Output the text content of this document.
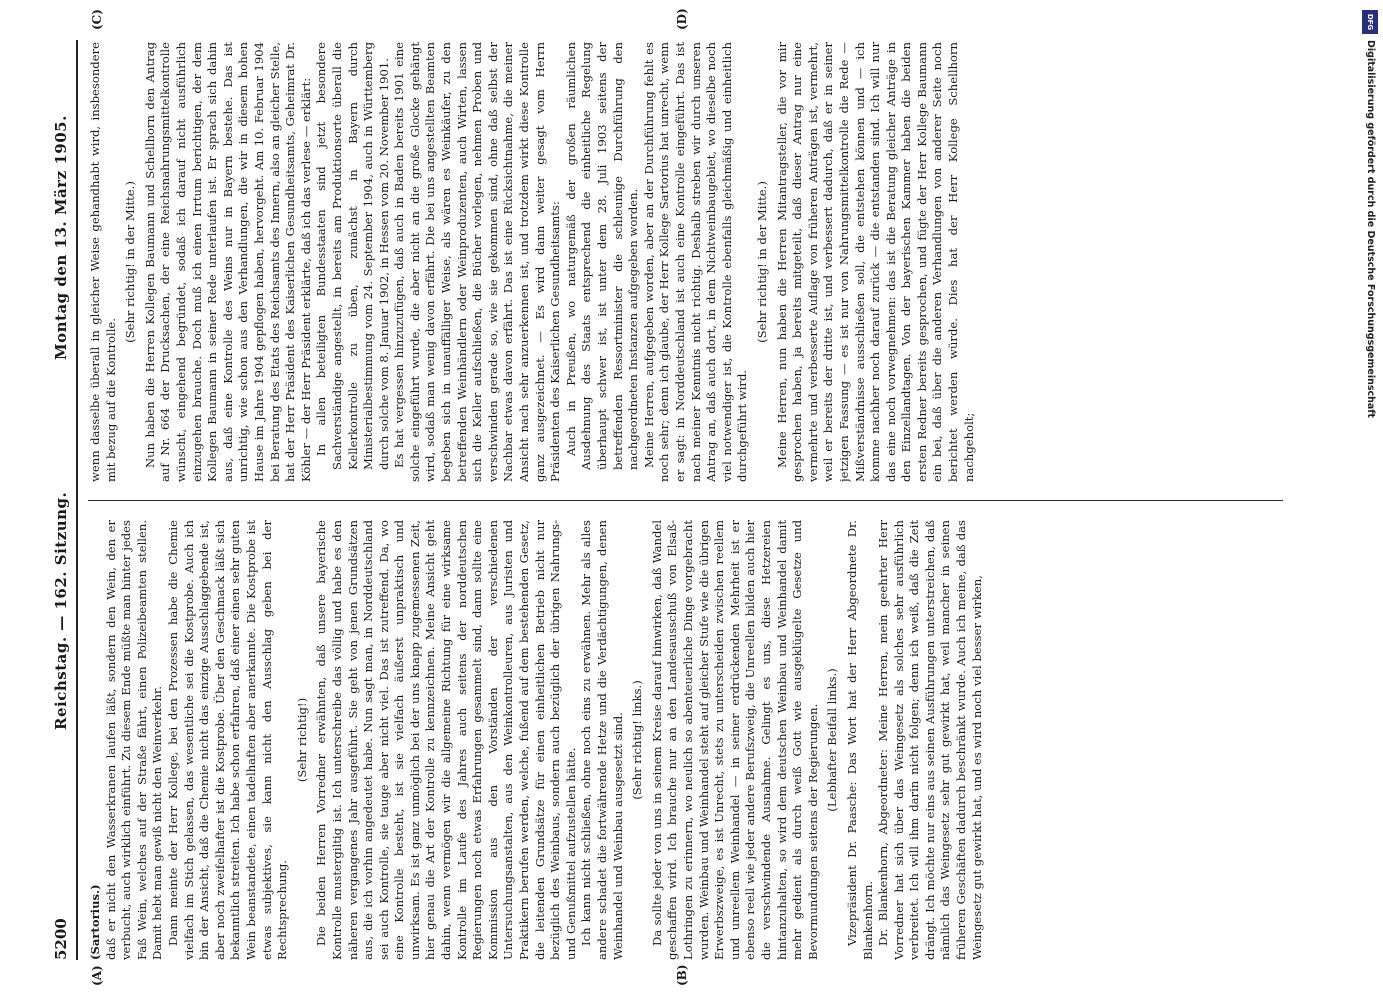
5200
Reichstag. — 162. Sitzung.
Montag den 13. März 1905.
(A)	(B)
(C)	(D)

(Sartorius.) daß er nicht den Wasserkranen laufen läßt, sondern den Wein, den er verbucht, auch wirklich einführt. Zu diesem Ende müßte man hinter jedes Faß Wein, welches auf der Straße fährt, einen Polizeibeamten stellen. Damit hebt man gewiß nicht den Weinverkehr. Dann meinte der Herr Kollege, bei den Prozessen habe die Chemie vielfach im Stich gelassen, das wesentliche sei die Kostprobe. Auch ich bin der Ansicht, daß die Chemie nicht das einzige Ausschlaggebende ist, aber noch zweifelhafter ist die Kostprobe. Über den Geschmack läßt sich bekanntlich streiten. Ich habe schon erfahren, daß einer einen sehr guten Wein beanstandete, einen tadelhaften aber anerkannte. Die Kostprobe ist etwas subjektives, sie kann nicht den Ausschlag geben bei der Rechtsprechung.

(Sehr richtig!) Die beiden Herren Vorredner erwähnten, daß unsere bayerische Kontrolle mustergiltig ist. Ich unterschreibe das völlig und habe es den näheren vergangenes Jahr ausgeführt. Sie geht von jenen Grundsätzen aus, die ich vorhin angedeutet habe. Nun sagt man, in Norddeutschland sei auch Kontrolle, sie tauge aber nicht viel. Das ist zutreffend. Da, wo eine Kontrolle besteht, ist sie vielfach äußerst unpraktisch und unwirksam. Es ist ganz unmöglich bei der uns knapp zugemessenen Zeit, hier genau die Art der Kontrolle zu kennzeichnen. Meine Ansicht geht dahin, wenn vermögen wir die allgemeine Richtung für eine wirksame Kontrolle im Laufe des Jahres auch seitens der norddeutschen Regierungen noch etwas Erfahrungen gesammelt sind, dann sollte eine Kommission aus den Vorständen der verschiedenen Untersuchungsanstalten, aus den Weinkontrolleuren, aus Juristen und Praktikern berufen werden, welche, fußend auf dem bestehenden Gesetz, die leitenden Grundsätze für einen einheitlichen Betrieb nicht nur bezüglich des Weinbaus, sondern auch bezüglich der übrigen Nahrungs- und Genußmittel aufzustellen hätte. Ich kann nicht schließen, ohne noch eins zu erwähnen. Mehr als alles andere schadet die fortwährende Hetze und die Verdächtigungen, denen Weinhandel und Weinbau ausgesetzt sind. (Sehr richtig! links.) Da sollte jeder von uns in seinem Kreise darauf hinwirken, daß Wandel geschaffen wird. Ich brauche nur an den Landesausschuß von Elsaß-Lothringen zu erinnern, wo neulich so abenteuerliche Dinge vorgebracht wurden. Weinbau und Weinhandel steht auf gleicher Stufe wie die übrigen Erwerbszweige, es ist Unrecht, stets zu unterscheiden zwischen reellem und unreellem Weinhandel — in seiner erdrückenden Mehrheit ist er ebenso reell wie jeder andere Berufszweig, die Unreellen bilden auch hier die verschwindende Ausnahme. Gelingt es uns, diese Hetzereien hintanzuhalten, so wird dem deutschen Weinbau und Weinhandel damit mehr gedient als durch weiß Gott wie ausgeklügelte Gesetze und Bevormundungen seitens der Regierungen. (Lebhafter Beifall links.) Vizepräsident Dr. Paasche: Das Wort hat der Herr Abgeordnete Dr. Blankenhorn. Dr. Blankenhorn, Abgeordneter: Meine Herren, mein geehrter Herr Vorredner hat sich über das Weingesetz als solches sehr ausführlich verbreitet. Ich will ihm darin nicht folgen; denn ich weiß, daß die Zeit drängt. Ich möchte nur eins aus seinen Ausführungen unterstreichen, daß nämlich das Weingesetz sehr gut gewirkt hat, weil mancher in seinen früheren Geschäften dadurch beschränkt wurde. Auch ich meine, daß das Weingesetz gut gewirkt hat, und es wird noch viel besser wirken,

wenn dasselbe überall in gleicher Weise gehandhabt wird, insbesondere mit bezug auf die Kontrolle.

(Sehr richtig! in der Mitte.) Nun haben die Herren Kollegen Baumann und Schellhorn den Antrag auf Nr. 664 der Drucksachen, der eine Reichsnahrungsmittelkontrolle wünscht, eingehend begründet, sodaß ich darauf nicht ausführlich einzugehen brauche. Doch muß ich einen Irrtum berichtigen, der dem Kollegen Baumann in seiner Rede unterlaufen ist. Er sprach sich dahin aus, daß eine Kontrolle des Weins nur in Bayern bestehe. Das ist unrichtig, wie schon aus den Verhandlungen, die wir in diesem hohen Hause im Jahre 1904 gepflogen haben, hervorgeht. Am 10. Februar 1904 bei Beratung des Etats des Reichsamts des Innern, also an gleicher Stelle, hat der Herr Präsident des Kaiserlichen Gesundheitsamts, Geheimrat Dr. Köhler — der Herr Präsident erklärte, daß ich das verlese — erklärt: In allen beteiligten Bundesstaaten sind jetzt besondere Sachverständige angestellt, in bereits am Produktionsorte überall die Kellerkontrolle zu üben, zunächst in Bayern durch Ministerialbestimmung vom 24. September 1904, auch in Württemberg durch solche vom 8. Januar 1902, in Hessen vom 20. November 1901. Es hat vergessen hinzuzufügen, daß auch in Baden bereits 1901 eine solche eingeführt wurde, die aber nicht an die große Glocke gehängt wird, sodaß man wenig davon erfährt. Die bei uns angestellten Beamten begeben sich in unauffälliger Weise, als wären es Weinkäufer, zu den betreffenden Weinhändlern oder Weinproduzenten, auch Wirten, lassen sich die Keller aufschließen, die Bücher vorlegen, nehmen Proben und verschwinden gerade so, wie sie gekommen sind, ohne daß selbst der Nachbar etwas davon erfährt. Das ist eine Rücksichtnahme, die meiner Ansicht nach sehr anzuerkennen ist, und trotzdem wirkt diese Kontrolle ganz ausgezeichnet. — Es wird dann weiter gesagt vom Herrn Präsidenten des Kaiserlichen Gesundheitsamts: Auch in Preußen, wo naturgemäß der großen räumlichen Ausdehnung des Staats entsprechend die einheitliche Regelung überhaupt schwer ist, ist unter dem 28. Juli 1903 seitens der betreffenden Ressortminister die schleunige Durchführung den nachgeordneten Instanzen aufgegeben worden. Meine Herren, aufgegeben worden, aber an der Durchführung fehlt es noch sehr; denn ich glaube, der Herr Kollege Sartorius hat unrecht, wenn er sagt: in Norddeutschland ist auch eine Kontrolle eingeführt. Das ist nach meiner Kenntnis nicht richtig. Deshalb streben wir durch unseren Antrag an, daß auch dort, in dem Nichtweinbaugebiet, wo dieselbe noch viel notwendiger ist, die Kontrolle ebenfalls gleichmäßig und einheitlich durchgeführt wird.

(Sehr richtig! in der Mitte.) Meine Herren, nun haben die Herren Mitantragsteller, die vor mir gesprochen haben, ja bereits mitgeteilt, daß dieser Antrag nur eine vermehrte und verbesserte Auflage von früheren Anträgen ist, vermehrt, weil er bereits der dritte ist, und verbessert dadurch, daß er in seiner jetzigen Fassung — es ist nur von Nahrungsmittelkontrolle die Rede — Mißverständnisse ausschließen soll, die entstehen können und — ich komme nachher noch darauf zurück — die entstanden sind. Ich will nur das eine noch vorwegnehmen: das ist die Beratung gleicher Anträge in den Einzellandtagen. Von der bayerischen Kammer haben die beiden ersten Redner bereits gesprochen, und fügte der Herr Kollege Baumann ein bei, daß über die anderen Verhandlungen von anderer Seite noch berichtet werden würde. Dies hat der Herr Kollege Schellhorn nachgeholt;

DFG
Digitalisierung gefördert durch die Deutsche Forschungsgemeinschaft
